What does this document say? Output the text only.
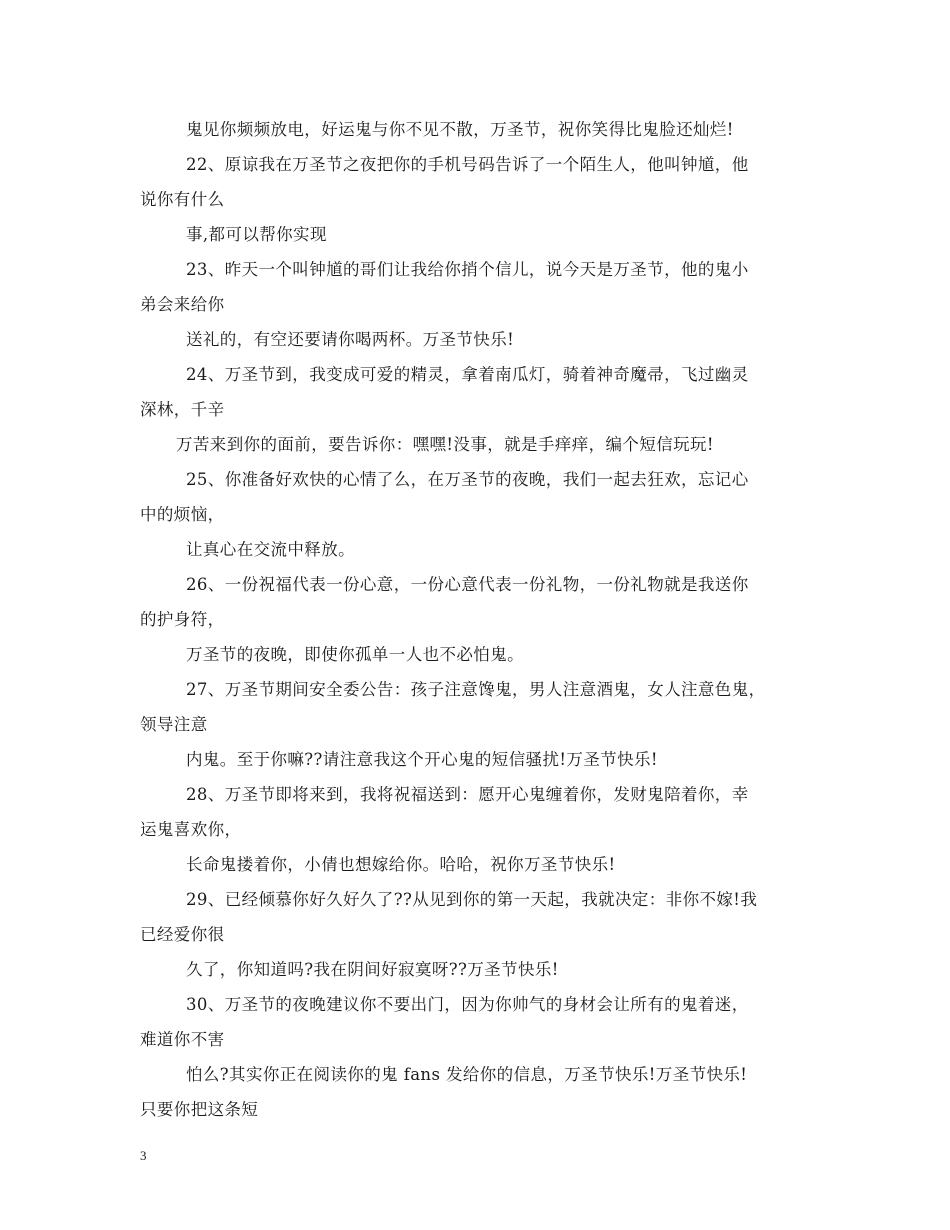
鬼见你频频放电，好运鬼与你不见不散，万圣节，祝你笑得比鬼脸还灿烂!
22、原谅我在万圣节之夜把你的手机号码告诉了一个陌生人，他叫钟馗，他
说你有什么
事,都可以帮你实现
23、昨天一个叫钟馗的哥们让我给你捎个信儿，说今天是万圣节，他的鬼小
弟会来给你
送礼的，有空还要请你喝两杯。万圣节快乐!
24、万圣节到，我变成可爱的精灵，拿着南瓜灯，骑着神奇魔帚，飞过幽灵
深林，千辛
万苦来到你的面前，要告诉你：嘿嘿!没事，就是手痒痒，编个短信玩玩!
25、你准备好欢快的心情了么，在万圣节的夜晚，我们一起去狂欢，忘记心
中的烦恼，
让真心在交流中释放。
26、一份祝福代表一份心意，一份心意代表一份礼物，一份礼物就是我送你
的护身符，
万圣节的夜晚，即使你孤单一人也不必怕鬼。
27、万圣节期间安全委公告：孩子注意馋鬼，男人注意酒鬼，女人注意色鬼，
领导注意
内鬼。至于你嘛??请注意我这个开心鬼的短信骚扰!万圣节快乐!
28、万圣节即将来到，我将祝福送到：愿开心鬼缠着你，发财鬼陪着你，幸
运鬼喜欢你，
长命鬼搂着你，小倩也想嫁给你。哈哈，祝你万圣节快乐!
29、已经倾慕你好久好久了??从见到你的第一天起，我就决定：非你不嫁!我
已经爱你很
久了，你知道吗?我在阴间好寂寞呀??万圣节快乐!
30、万圣节的夜晚建议你不要出门，因为你帅气的身材会让所有的鬼着迷，
难道你不害
怕么?其实你正在阅读你的鬼 fans 发给你的信息，万圣节快乐!万圣节快乐!
只要你把这条短
3
